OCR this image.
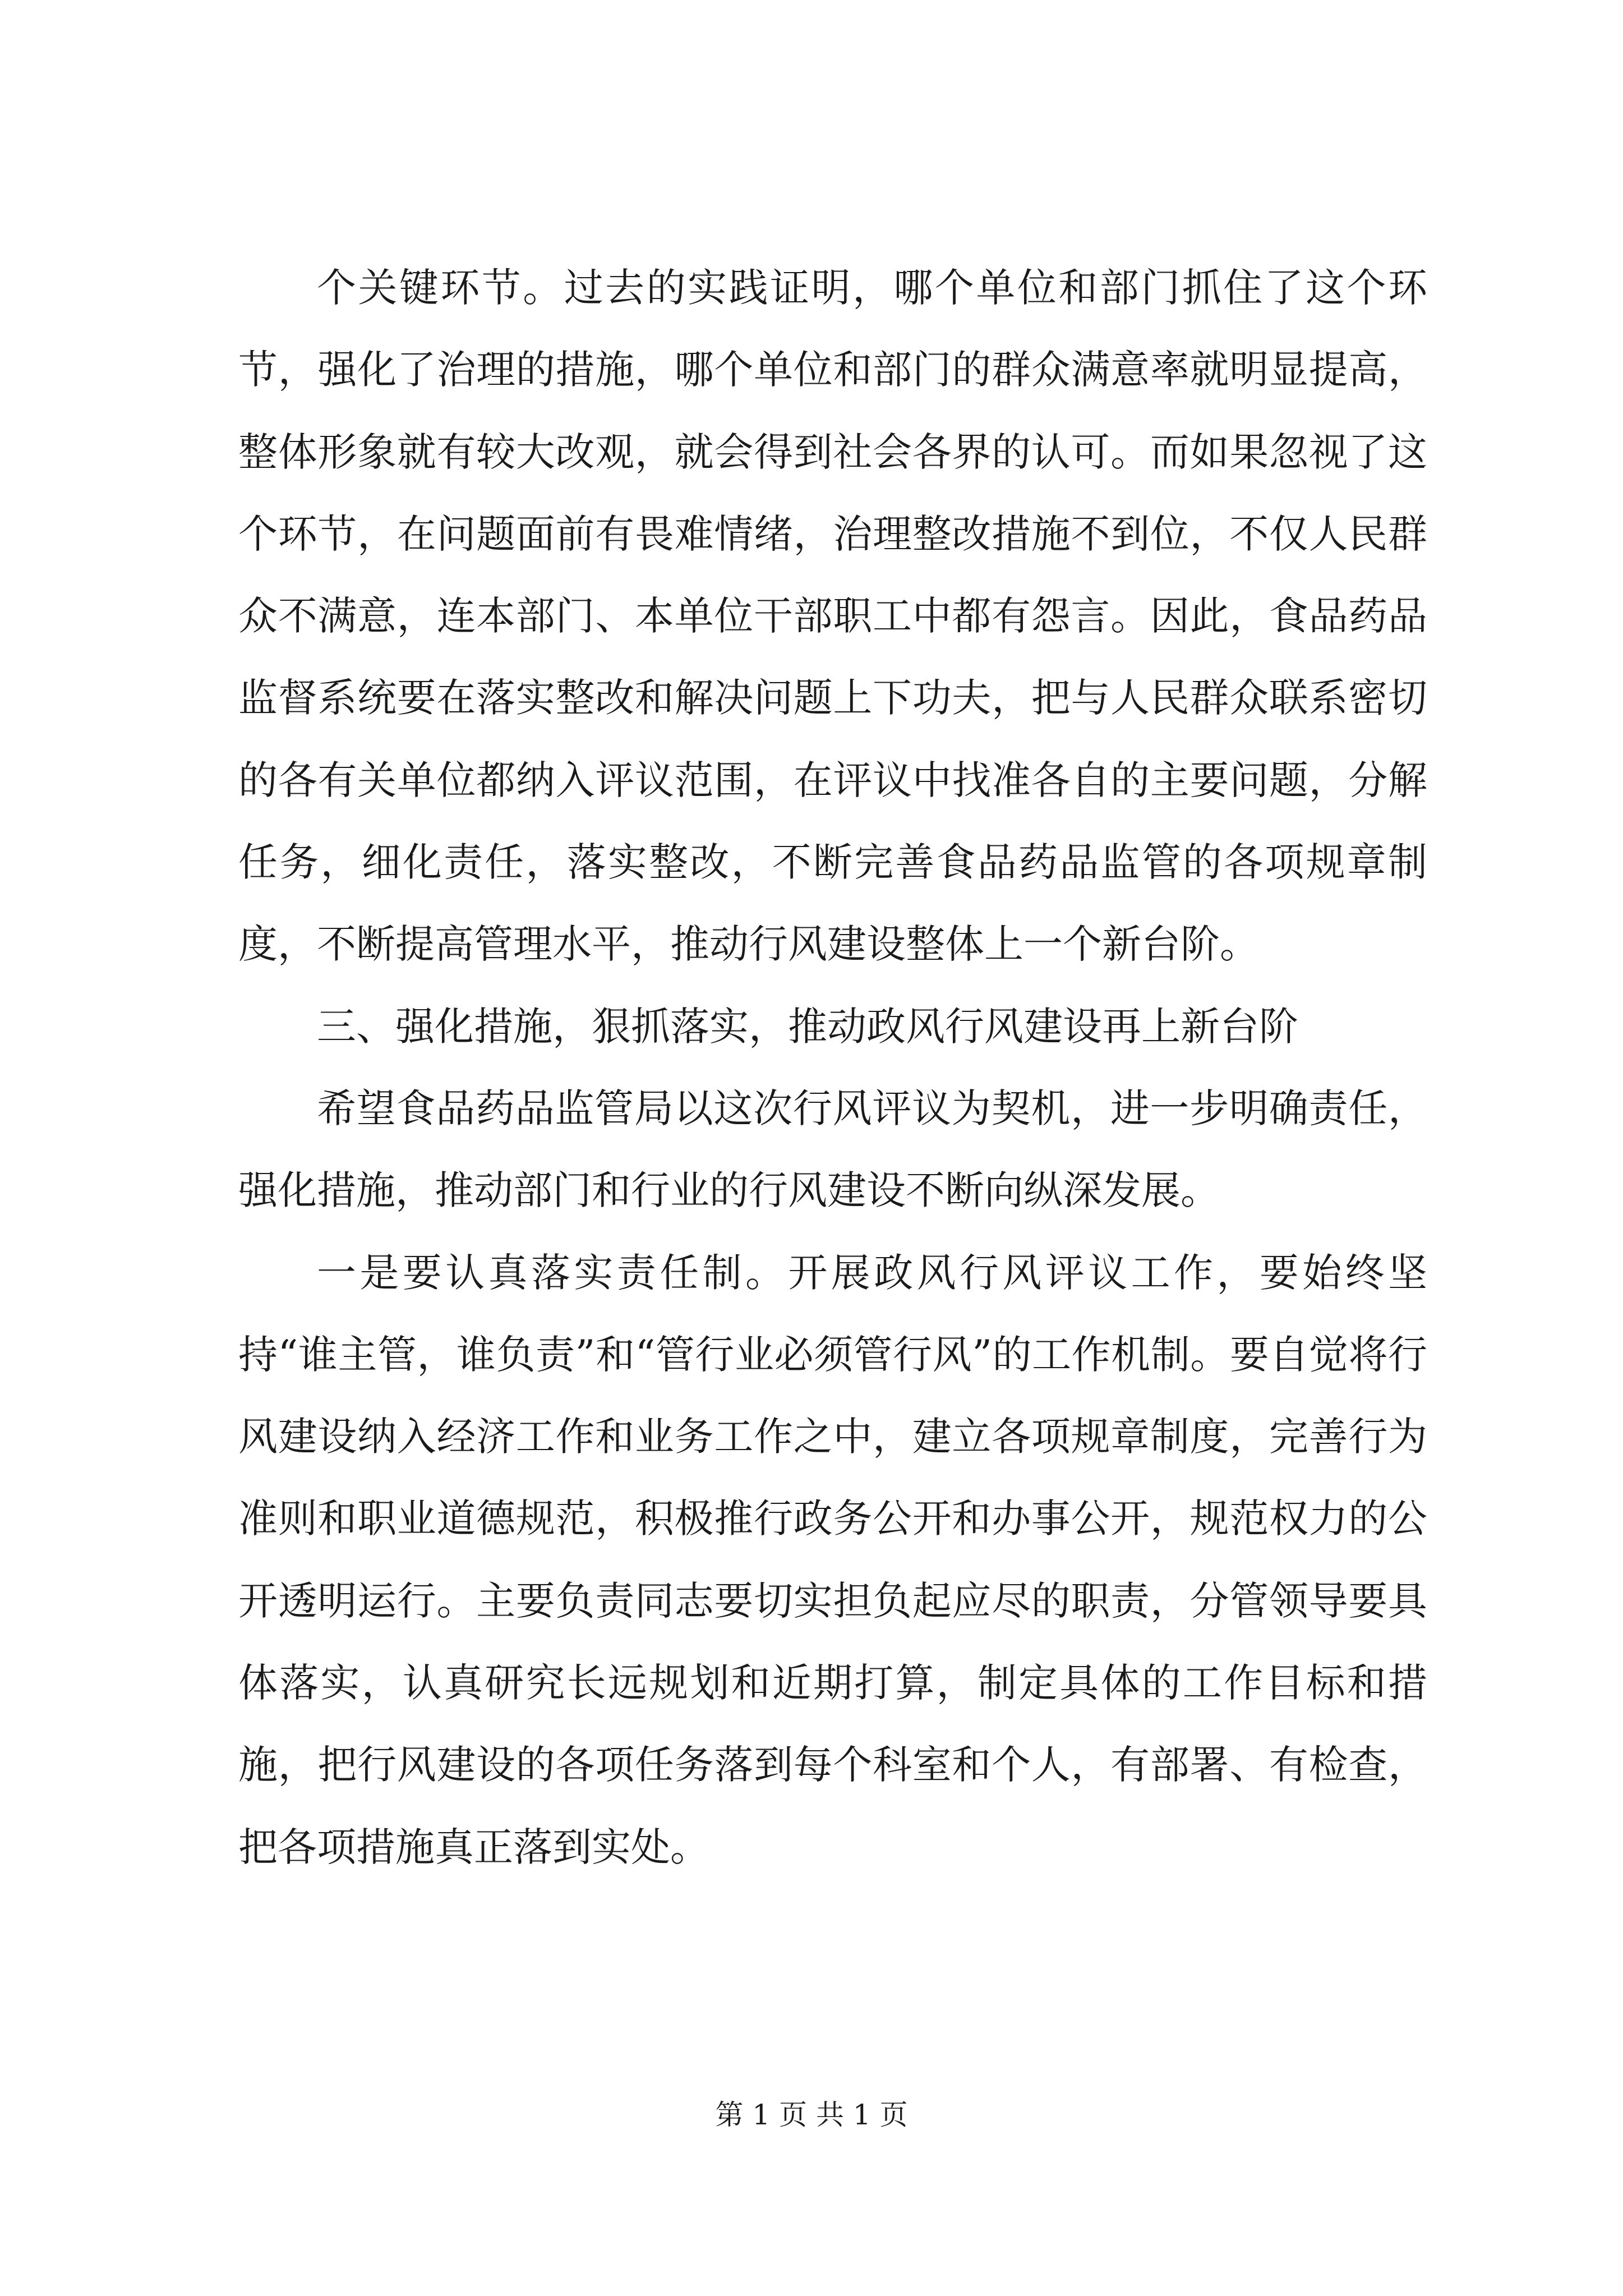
个关键环节。过去的实践证明，哪个单位和部门抓住了这个环节，强化了治理的措施，哪个单位和部门的群众满意率就明显提高，整体形象就有较大改观，就会得到社会各界的认可。而如果忽视了这个环节，在问题面前有畏难情绪，治理整改措施不到位，不仅人民群众不满意，连本部门、本单位干部职工中都有怨言。因此，食品药品监督系统要在落实整改和解决问题上下功夫，把与人民群众联系密切的各有关单位都纳入评议范围，在评议中找准各自的主要问题，分解任务，细化责任，落实整改，不断完善食品药品监管的各项规章制度，不断提高管理水平，推动行风建设整体上一个新台阶。

三、强化措施，狠抓落实，推动政风行风建设再上新台阶

希望食品药品监管局以这次行风评议为契机，进一步明确责任，强化措施，推动部门和行业的行风建设不断向纵深发展。

一是要认真落实责任制。开展政风行风评议工作，要始终坚持“谁主管，谁负责”和“管行业必须管行风”的工作机制。要自觉将行风建设纳入经济工作和业务工作之中，建立各项规章制度，完善行为准则和职业道德规范，积极推行政务公开和办事公开，规范权力的公开透明运行。主要负责同志要切实担负起应尽的职责，分管领导要具体落实，认真研究长远规划和近期打算，制定具体的工作目标和措施，把行风建设的各项任务落到每个科室和个人，有部署、有检查，把各项措施真正落到实处。

第 1 页 共 1 页
